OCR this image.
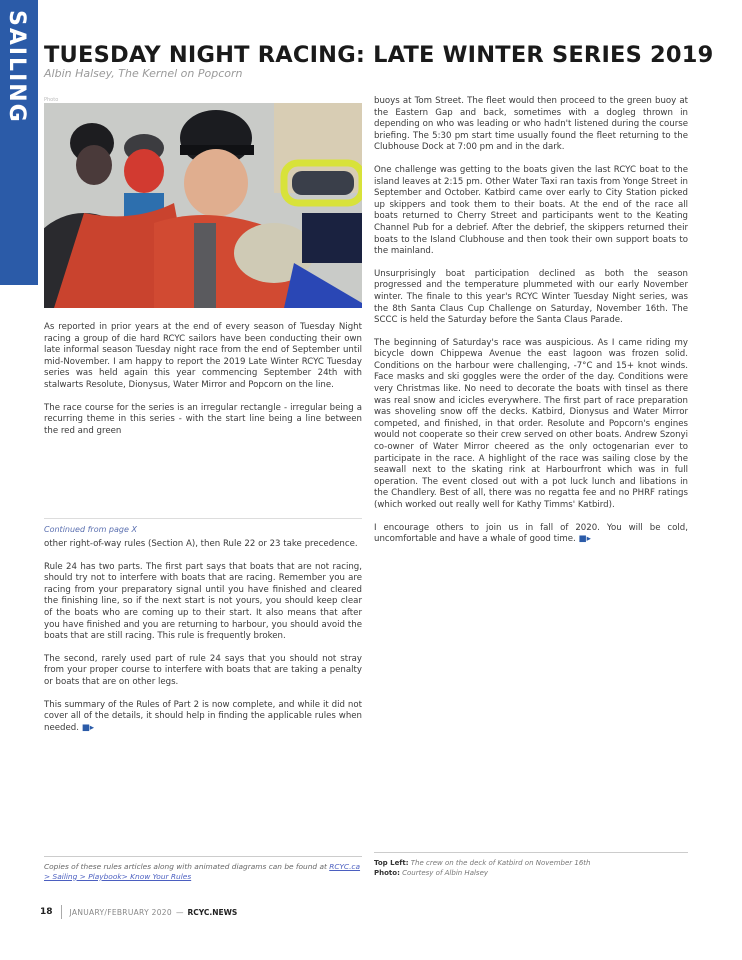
SAILING TUESDAY NIGHT RACING: LATE WINTER SERIES 2019
Albin Halsey, The Kernel on Popcorn
Photo

As reported in prior years at the end of every season of Tuesday Night racing a group of die hard RCYC sailors have been conducting their own late informal season Tuesday night race from the end of September until mid-November. I am happy to report the 2019 Late Winter RCYC Tuesday series was held again this year commencing September 24th with stalwarts Resolute, Dionysus, Water Mirror and Popcorn on the line.

The race course for the series is an irregular rectangle - irregular being a recurring theme in this series - with the start line being a line between the red and green

Continued from page X

other right-of-way rules (Section A), then Rule 22 or 23 take precedence.

Rule 24 has two parts. The first part says that boats that are not racing, should try not to interfere with boats that are racing. Remember you are racing from your preparatory signal until you have finished and cleared the finishing line, so if the next start is not yours, you should keep clear of the boats who are coming up to their start. It also means that after you have finished and you are returning to harbour, you should avoid the boats that are still racing. This rule is frequently broken.

The second, rarely used part of rule 24 says that you should not stray from your proper course to interfere with boats that are taking a penalty or boats that are on other legs.

This summary of the Rules of Part 2 is now complete, and while it did not cover all of the details, it should help in finding the applicable rules when needed. ■▸

Copies of these rules articles along with animated diagrams can be found at RCYC.ca > Sailing > Playbook> Know Your Rules

buoys at Tom Street. The fleet would then proceed to the green buoy at the Eastern Gap and back, sometimes with a dogleg thrown in depending on who was leading or who hadn't listened during the course briefing. The 5:30 pm start time usually found the fleet returning to the Clubhouse Dock at 7:00 pm and in the dark.

One challenge was getting to the boats given the last RCYC boat to the island leaves at 2:15 pm. Other Water Taxi ran taxis from Yonge Street in September and October. Katbird came over early to City Station picked up skippers and took them to their boats. At the end of the race all boats returned to Cherry Street and participants went to the Keating Channel Pub for a debrief. After the debrief, the skippers returned their boats to the Island Clubhouse and then took their own support boats to the mainland.

Unsurprisingly boat participation declined as both the season progressed and the temperature plummeted with our early November winter. The finale to this year's RCYC Winter Tuesday Night series, was the 8th Santa Claus Cup Challenge on Saturday, November 16th. The SCCC is held the Saturday before the Santa Claus Parade.

The beginning of Saturday's race was auspicious. As I came riding my bicycle down Chippewa Avenue the east lagoon was frozen solid. Conditions on the harbour were challenging, -7°C and 15+ knot winds. Face masks and ski goggles were the order of the day. Conditions were very Christmas like. No need to decorate the boats with tinsel as there was real snow and icicles everywhere. The first part of race preparation was shoveling snow off the decks. Katbird, Dionysus and Water Mirror competed, and finished, in that order. Resolute and Popcorn's engines would not cooperate so their crew served on other boats. Andrew Szonyi co-owner of Water Mirror cheered as the only octogenarian ever to participate in the race. A highlight of the race was sailing close by the seawall next to the skating rink at Harbourfront which was in full operation. The event closed out with a pot luck lunch and libations in the Chandlery. Best of all, there was no regatta fee and no PHRF ratings (which worked out really well for Kathy Timms' Katbird).

I encourage others to join us in fall of 2020. You will be cold, uncomfortable and have a whale of good time. ■▸

Top Left: The crew on the deck of Katbird on November 16th
Photo: Courtesy of Albin Halsey
18 JANUARY/FEBRUARY 2020 — RCYC.NEWS
